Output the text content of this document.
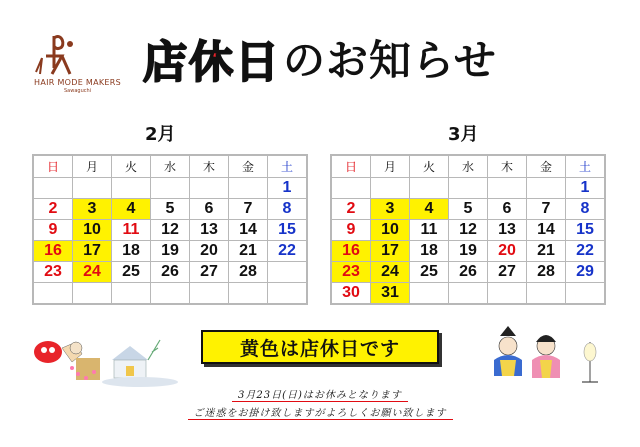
HAIR MODE MAKERS
Sawaguchi
店休日 のお知らせ
2月	3月
日	月	火	水	木	金	土
						1
2	3	4	5	6	7	8
9	10	11	12	13	14	15
16	17	18	19	20	21	22
23	24	25	26	27	28	

日	月	火	水	木	金	土
						1
2	3	4	5	6	7	8
9	10	11	12	13	14	15
16	17	18	19	20	21	22
23	24	25	26	27	28	29
30	31					
黄色は店休日です
3月23日(日)はお休みとなります
ご迷惑をお掛け致しますがよろしくお願い致します
